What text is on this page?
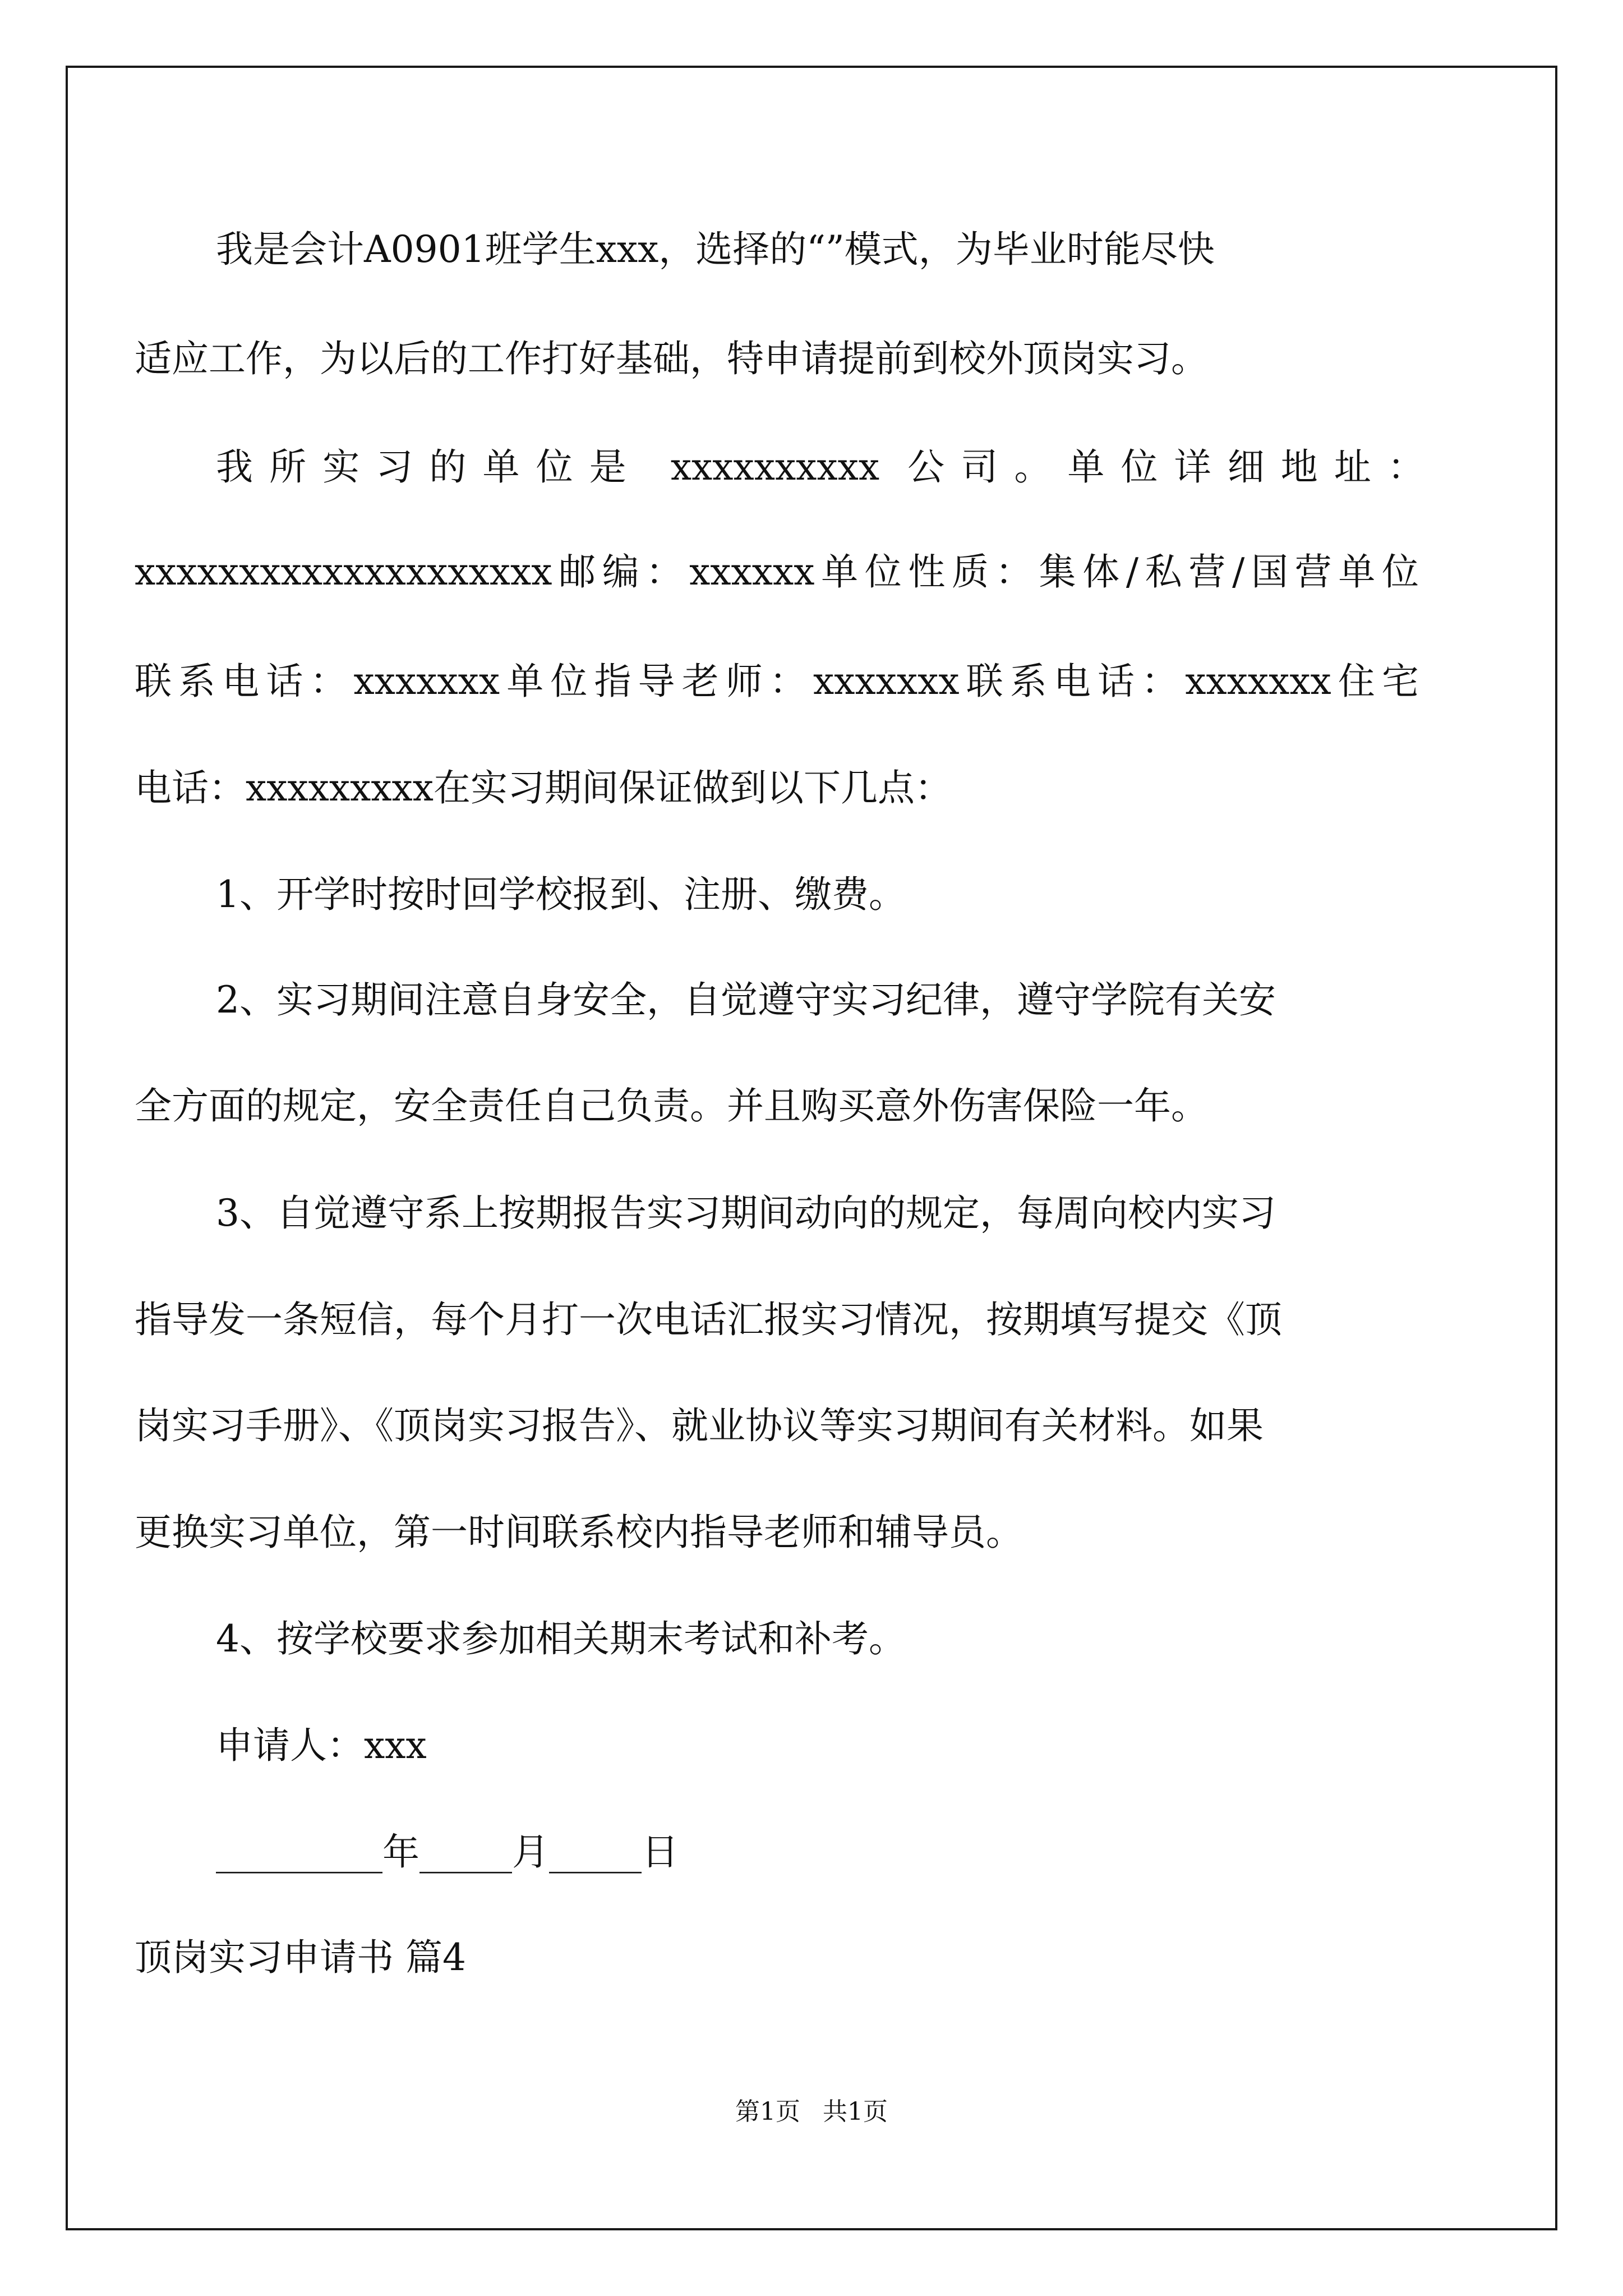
我是会计A0901班学生xxx，选择的“”模式，为毕业时能尽快
适应工作，为以后的工作打好基础，特申请提前到校外顶岗实习。
我所实习的单位是 xxxxxxxxxx 公司。单位详细地址：
xxxxxxxxxxxxxxxxxxxx邮编：xxxxxx单位性质：集体/私营/国营单位
联系电话：xxxxxxx单位指导老师：xxxxxxx联系电话：xxxxxxx住宅
电话：xxxxxxxxx在实习期间保证做到以下几点：
1、开学时按时回学校报到、注册、缴费。
2、实习期间注意自身安全，自觉遵守实习纪律，遵守学院有关安
全方面的规定，安全责任自己负责。并且购买意外伤害保险一年。
3、自觉遵守系上按期报告实习期间动向的规定，每周向校内实习
指导发一条短信，每个月打一次电话汇报实习情况，按期填写提交《顶
岗实习手册》、《顶岗实习报告》、就业协议等实习期间有关材料。如果
更换实习单位，第一时间联系校内指导老师和辅导员。
4、按学校要求参加相关期末考试和补考。
申请人：xxx
_________年_____月_____日
顶岗实习申请书 篇4
第1页 共1页
